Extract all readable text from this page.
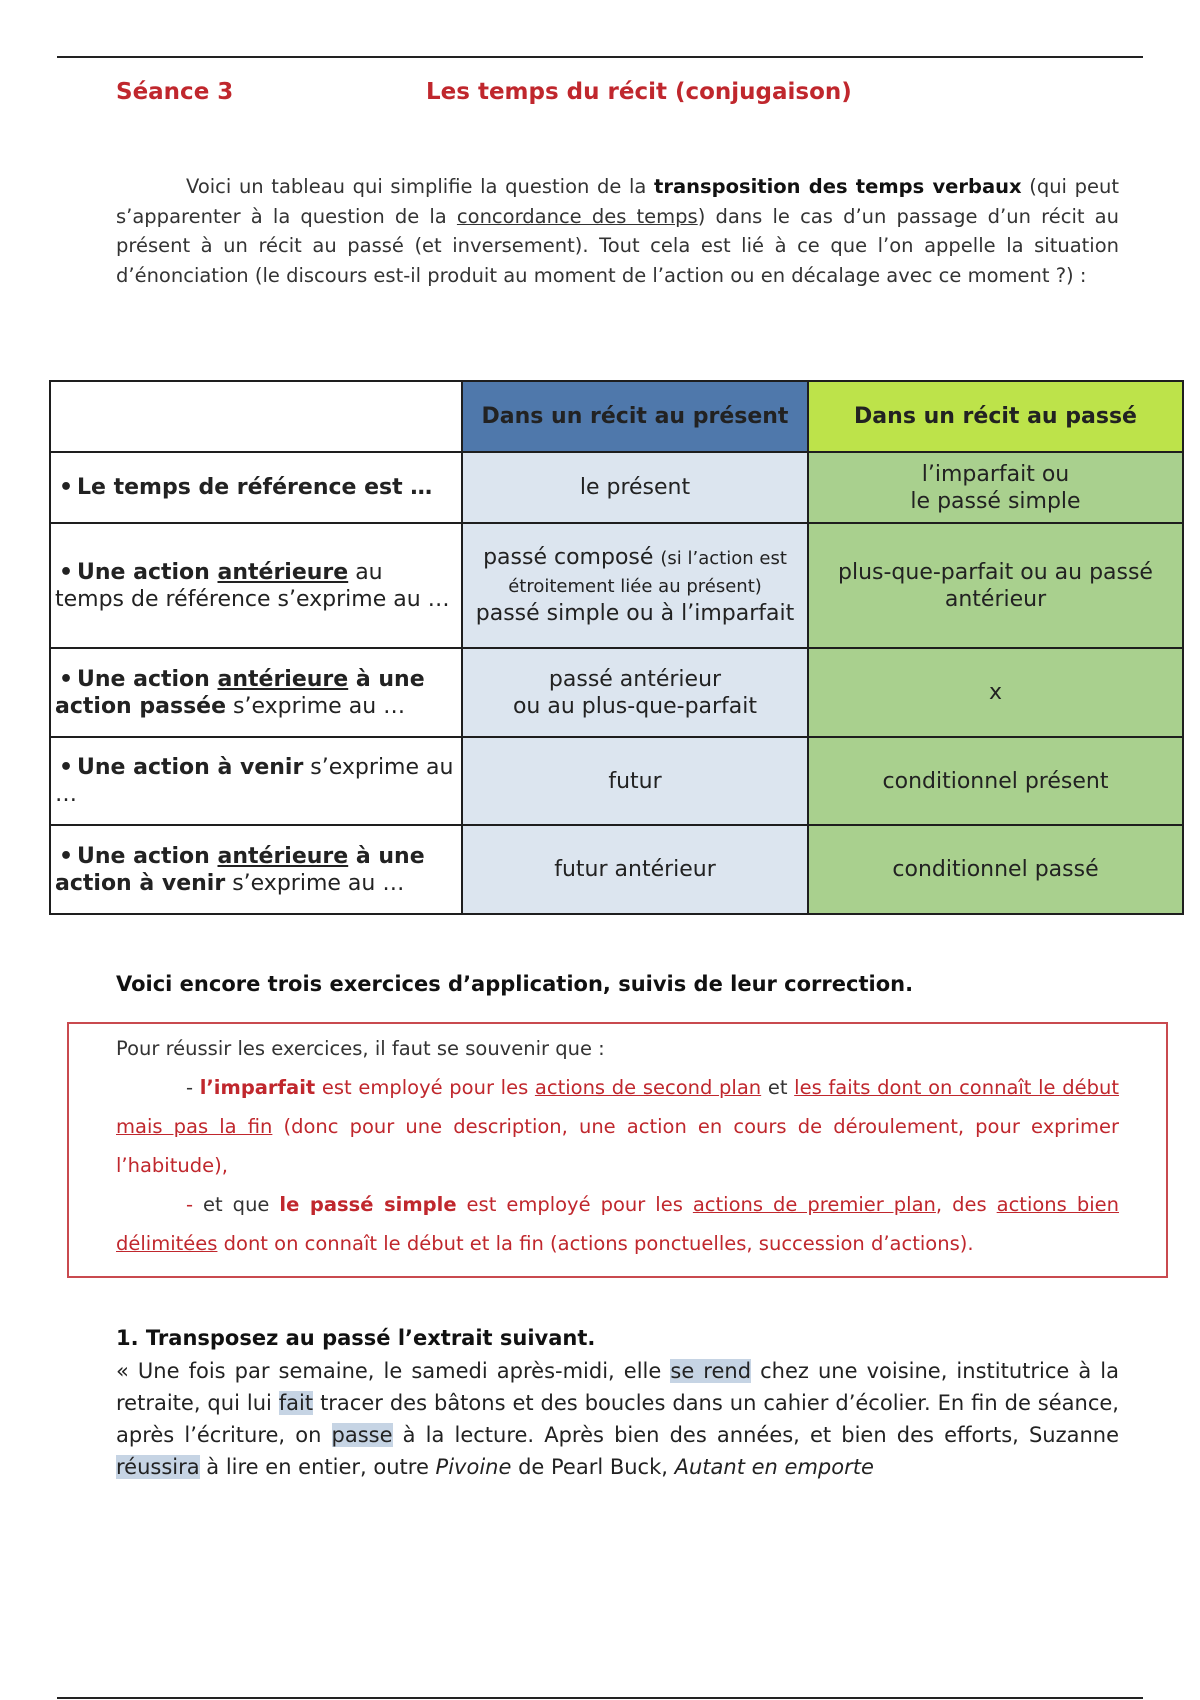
Séance 3	Les temps du récit (conjugaison)
Voici un tableau qui simplifie la question de la transposition des temps verbaux (qui peut s’apparenter à la question de la concordance des temps) dans le cas d’un passage d’un récit au présent à un récit au passé (et inversement). Tout cela est lié à ce que l’on appelle la situation d’énonciation (le discours est-il produit au moment de l’action ou en décalage avec ce moment ?) :
	Dans un récit au présent	Dans un récit au passé
• Le temps de référence est …	le présent	l’imparfait ou
le passé simple
• Une action antérieure au temps de référence s’exprime au …	passé composé (si l’action est étroitement liée au présent)
passé simple ou à l’imparfait	plus-que-parfait ou au passé antérieur
• Une action antérieure à une action passée s’exprime au …	passé antérieur
ou au plus-que-parfait	x
• Une action à venir s’exprime au …	futur	conditionnel présent
• Une action antérieure à une action à venir s’exprime au …	futur antérieur	conditionnel passé
Voici encore trois exercices d’application, suivis de leur correction.
Pour réussir les exercices, il faut se souvenir que :
- l’imparfait est employé pour les actions de second plan et les faits dont on connaît le début mais pas la fin (donc pour une description, une action en cours de déroulement, pour exprimer l’habitude),
- et que le passé simple est employé pour les actions de premier plan, des actions bien délimitées dont on connaît le début et la fin (actions ponctuelles, succession d’actions).
1. Transposez au passé l’extrait suivant.
« Une fois par semaine, le samedi après-midi, elle se rend chez une voisine, institutrice à la retraite, qui lui fait tracer des bâtons et des boucles dans un cahier d’écolier. En fin de séance, après l’écriture, on passe à la lecture. Après bien des années, et bien des efforts, Suzanne réussira à lire en entier, outre Pivoine de Pearl Buck, Autant en emporte
